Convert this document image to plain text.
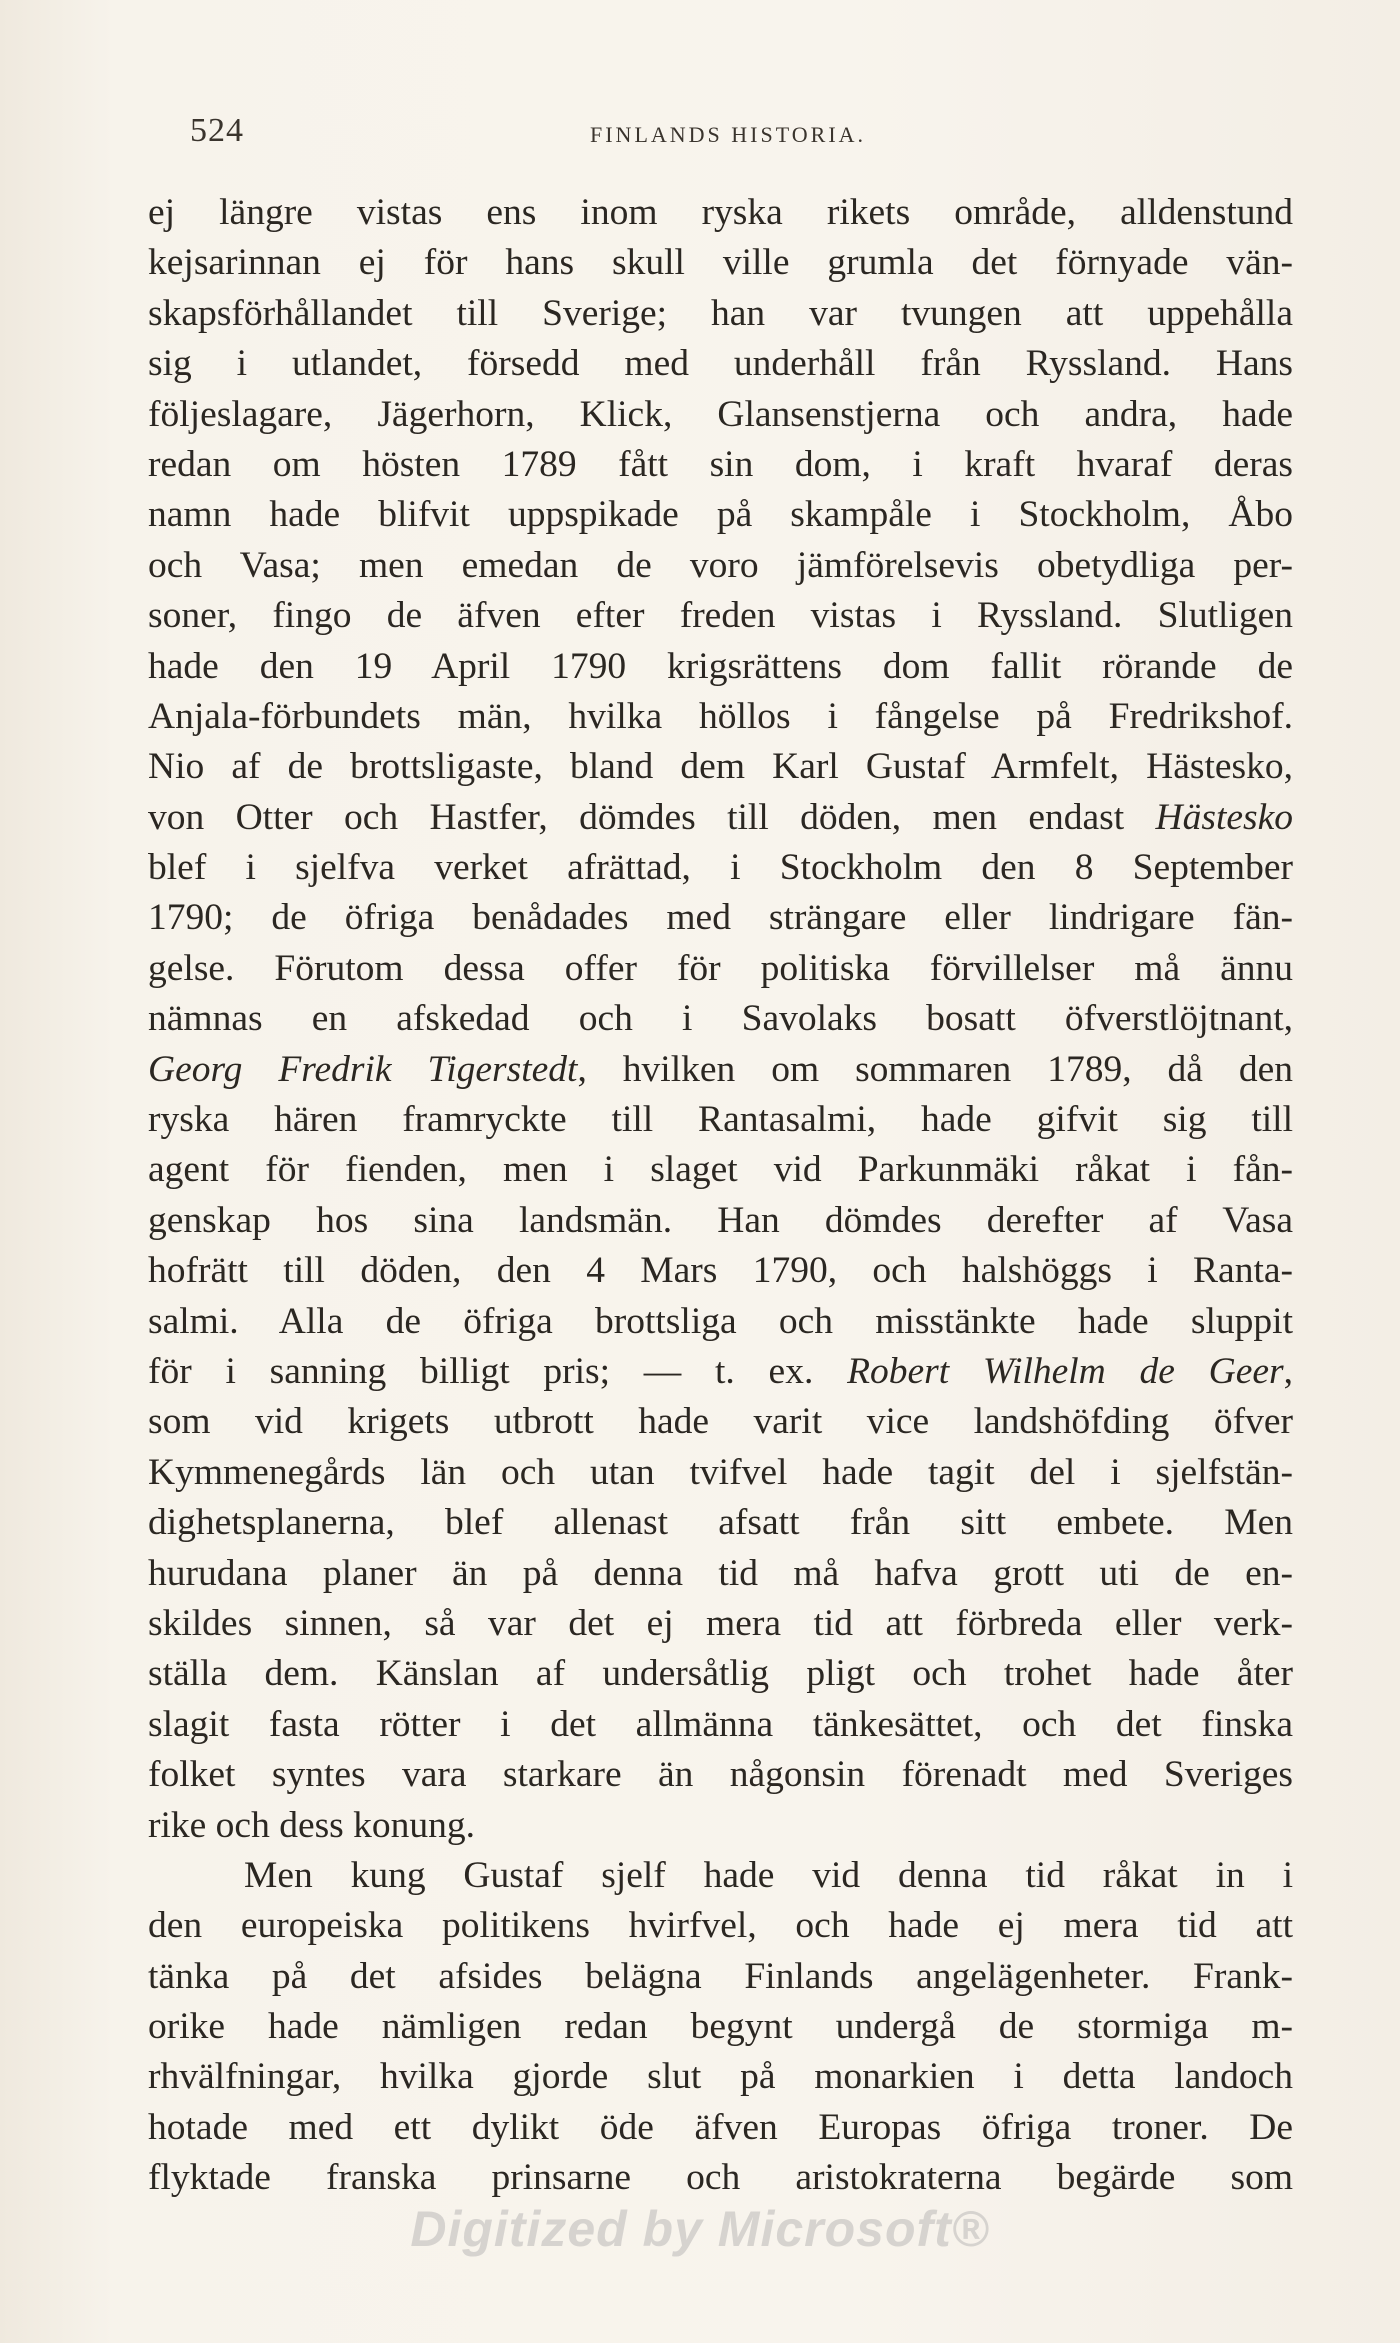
524	FINLANDS HISTORIA.
ej längre vistas ens inom ryska rikets område, alldenstund
kejsarinnan ej för hans skull ville grumla det förnyade vän-
skapsförhållandet till Sverige; han var tvungen att uppehålla
sig i utlandet, försedd med underhåll från Ryssland. Hans
följeslagare, Jägerhorn, Klick, Glansenstjerna och andra, hade
redan om hösten 1789 fått sin dom, i kraft hvaraf deras
namn hade blifvit uppspikade på skampåle i Stockholm, Åbo
och Vasa; men emedan de voro jämförelsevis obetydliga per-
soner, fingo de äfven efter freden vistas i Ryssland. Slutligen
hade den 19 April 1790 krigsrättens dom fallit rörande de
Anjala-förbundets män, hvilka höllos i fångelse på Fredrikshof.
Nio af de brottsligaste, bland dem Karl Gustaf Armfelt, Hästesko,
von Otter och Hastfer, dömdes till döden, men endast Hästesko
blef i sjelfva verket afrättad, i Stockholm den 8 September
1790; de öfriga benådades med strängare eller lindrigare fän-
gelse. Förutom dessa offer för politiska förvillelser må ännu
nämnas en afskedad och i Savolaks bosatt öfverstlöjtnant,
Georg Fredrik Tigerstedt, hvilken om sommaren 1789, då den
ryska hären framryckte till Rantasalmi, hade gifvit sig till
agent för fienden, men i slaget vid Parkunmäki råkat i fån-
genskap hos sina landsmän. Han dömdes derefter af Vasa
hofrätt till döden, den 4 Mars 1790, och halshöggs i Ranta-
salmi. Alla de öfriga brottsliga och misstänkte hade sluppit
för i sanning billigt pris; — t. ex. Robert Wilhelm de Geer,
som vid krigets utbrott hade varit vice landshöfding öfver
Kymmenegårds län och utan tvifvel hade tagit del i sjelfstän-
dighetsplanerna, blef allenast afsatt från sitt embete. Men
hurudana planer än på denna tid må hafva grott uti de en-
skildes sinnen, så var det ej mera tid att förbreda eller verk-
ställa dem. Känslan af undersåtlig pligt och trohet hade åter
slagit fasta rötter i det allmänna tänkesättet, och det finska
folket syntes vara starkare än någonsin förenadt med Sveriges
rike och dess konung.
Men kung Gustaf sjelf hade vid denna tid råkat in i
den europeiska politikens hvirfvel, och hade ej mera tid att
tänka på det afsides belägna Finlands angelägenheter. Frank-
orike hade nämligen redan begynt undergå de stormiga m-
rhvälfningar, hvilka gjorde slut på monarkien i detta landoch
hotade med ett dylikt öde äfven Europas öfriga troner. De
flyktade franska prinsarne och aristokraterna begärde som
Digitized by Microsoft®
